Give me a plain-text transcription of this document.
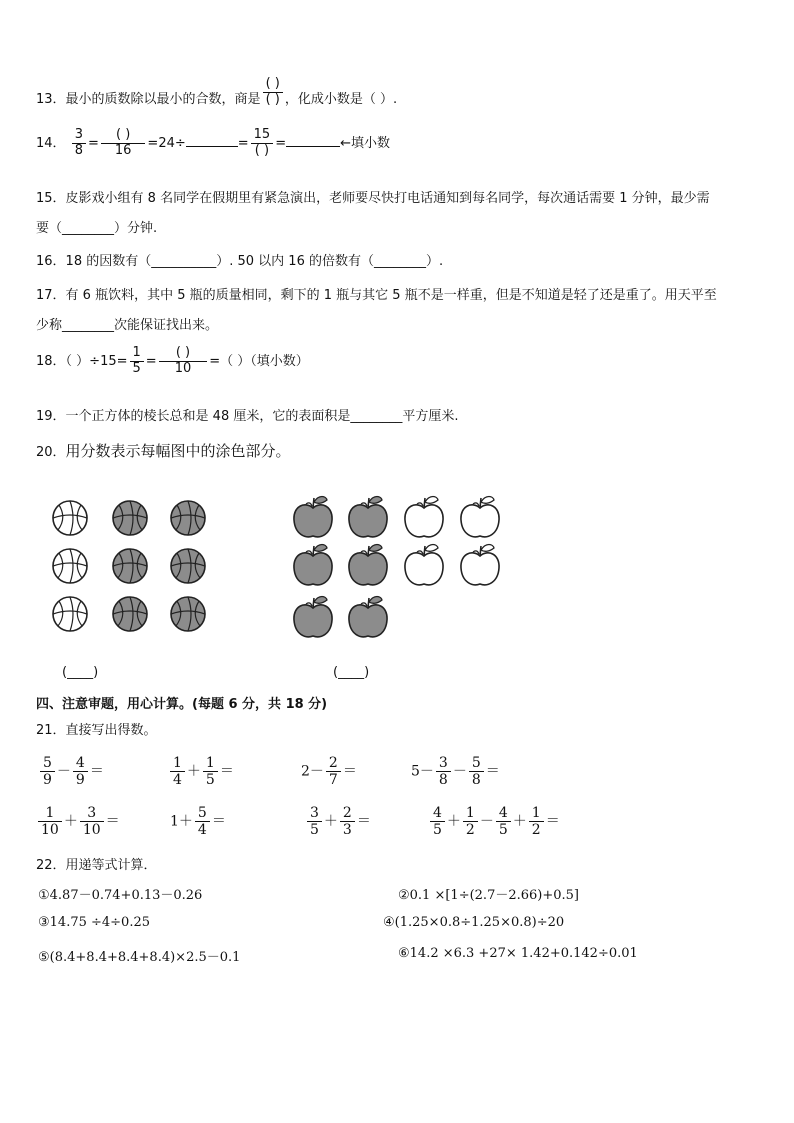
13．最小的质数除以最小的合数，商是 $\frac{( )}{( )}$ ，化成小数是（ ）.
14． $\frac{3}{8} = \frac{( )}{16} =24\div$	= $\frac{15}{( )}$ =	←填小数
15．皮影戏小组有 8 名同学在假期里有紧急演出，老师要尽快打电话通知到每名同学，每次通话需要 1 分钟，最少需
要（________）分钟.
16．18 的因数有（__________）. 50 以内 16 的倍数有（________）.
17．有 6 瓶饮料，其中 5 瓶的质量相同，剩下的 1 瓶与其它 5 瓶不是一样重，但是不知道是轻了还是重了。用天平至
少称________次能保证找出来。
18．（ ）$\div 15= \frac{1}{5} = \frac{( )}{10}$ =（ ）（填小数）
19．一个正方体的棱长总和是 48 厘米，它的表面积是________平方厘米.
20．用分数表示每幅图中的涂色部分。
(____)	(____)
四、注意审题，用心计算。(每题 6 分，共 18 分)
21．直接写出得数。
$\frac{5}{9} - \frac{4}{9}$ ＝	$\frac{1}{4} + \frac{1}{5}$ ＝	$2- \frac{2}{7}$ ＝	$5- \frac{3}{8} - \frac{5}{8}$ ＝
$\frac{1}{10} + \frac{3}{10}$ ＝	$1+ \frac{5}{4}$ ＝	$\frac{3}{5} + \frac{2}{3}$ ＝	$\frac{4}{5} + \frac{1}{2} - \frac{4}{5} + \frac{1}{2}$ ＝
22．用递等式计算．
①4.87－0.74+0.13－0.26	②0.1 ×[1÷(2.7－2.66)+0.5]
③14.75 ÷4÷0.25	④(1.25×0.8÷1.25×0.8)÷20
⑤(8.4+8.4+8.4+8.4)×2.5－0.1	⑥14.2 ×6.3 +27× 1.42+0.142÷0.01
